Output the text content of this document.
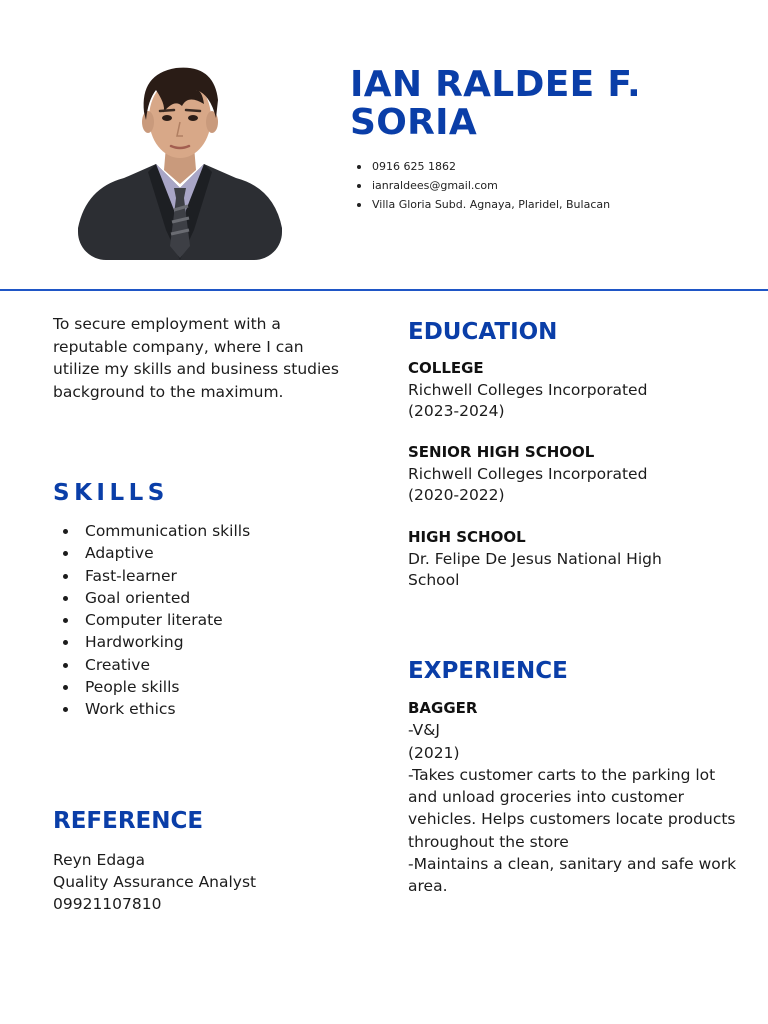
IAN RALDEE F.
SORIA
0916 625 1862
ianraldees@gmail.com
Villa Gloria Subd. Agnaya, Plaridel, Bulacan

To secure employment with a reputable company, where I can utilize my skills and business studies background to the maximum.

SKILLS
Communication skills
Adaptive
Fast-learner
Goal oriented
Computer literate
Hardworking
Creative
People skills
Work ethics
REFERENCE
Reyn Edaga
Quality Assurance Analyst
09921107810
EDUCATION
COLLEGE
Richwell Colleges Incorporated
(2023-2024)
SENIOR HIGH SCHOOL
Richwell Colleges Incorporated
(2020-2022)
HIGH SCHOOL
Dr. Felipe De Jesus National High School
EXPERIENCE
BAGGER
-V&J
(2021)
-Takes customer carts to the parking lot and unload groceries into customer vehicles. Helps customers locate products throughout the store
-Maintains a clean, sanitary and safe work area.
